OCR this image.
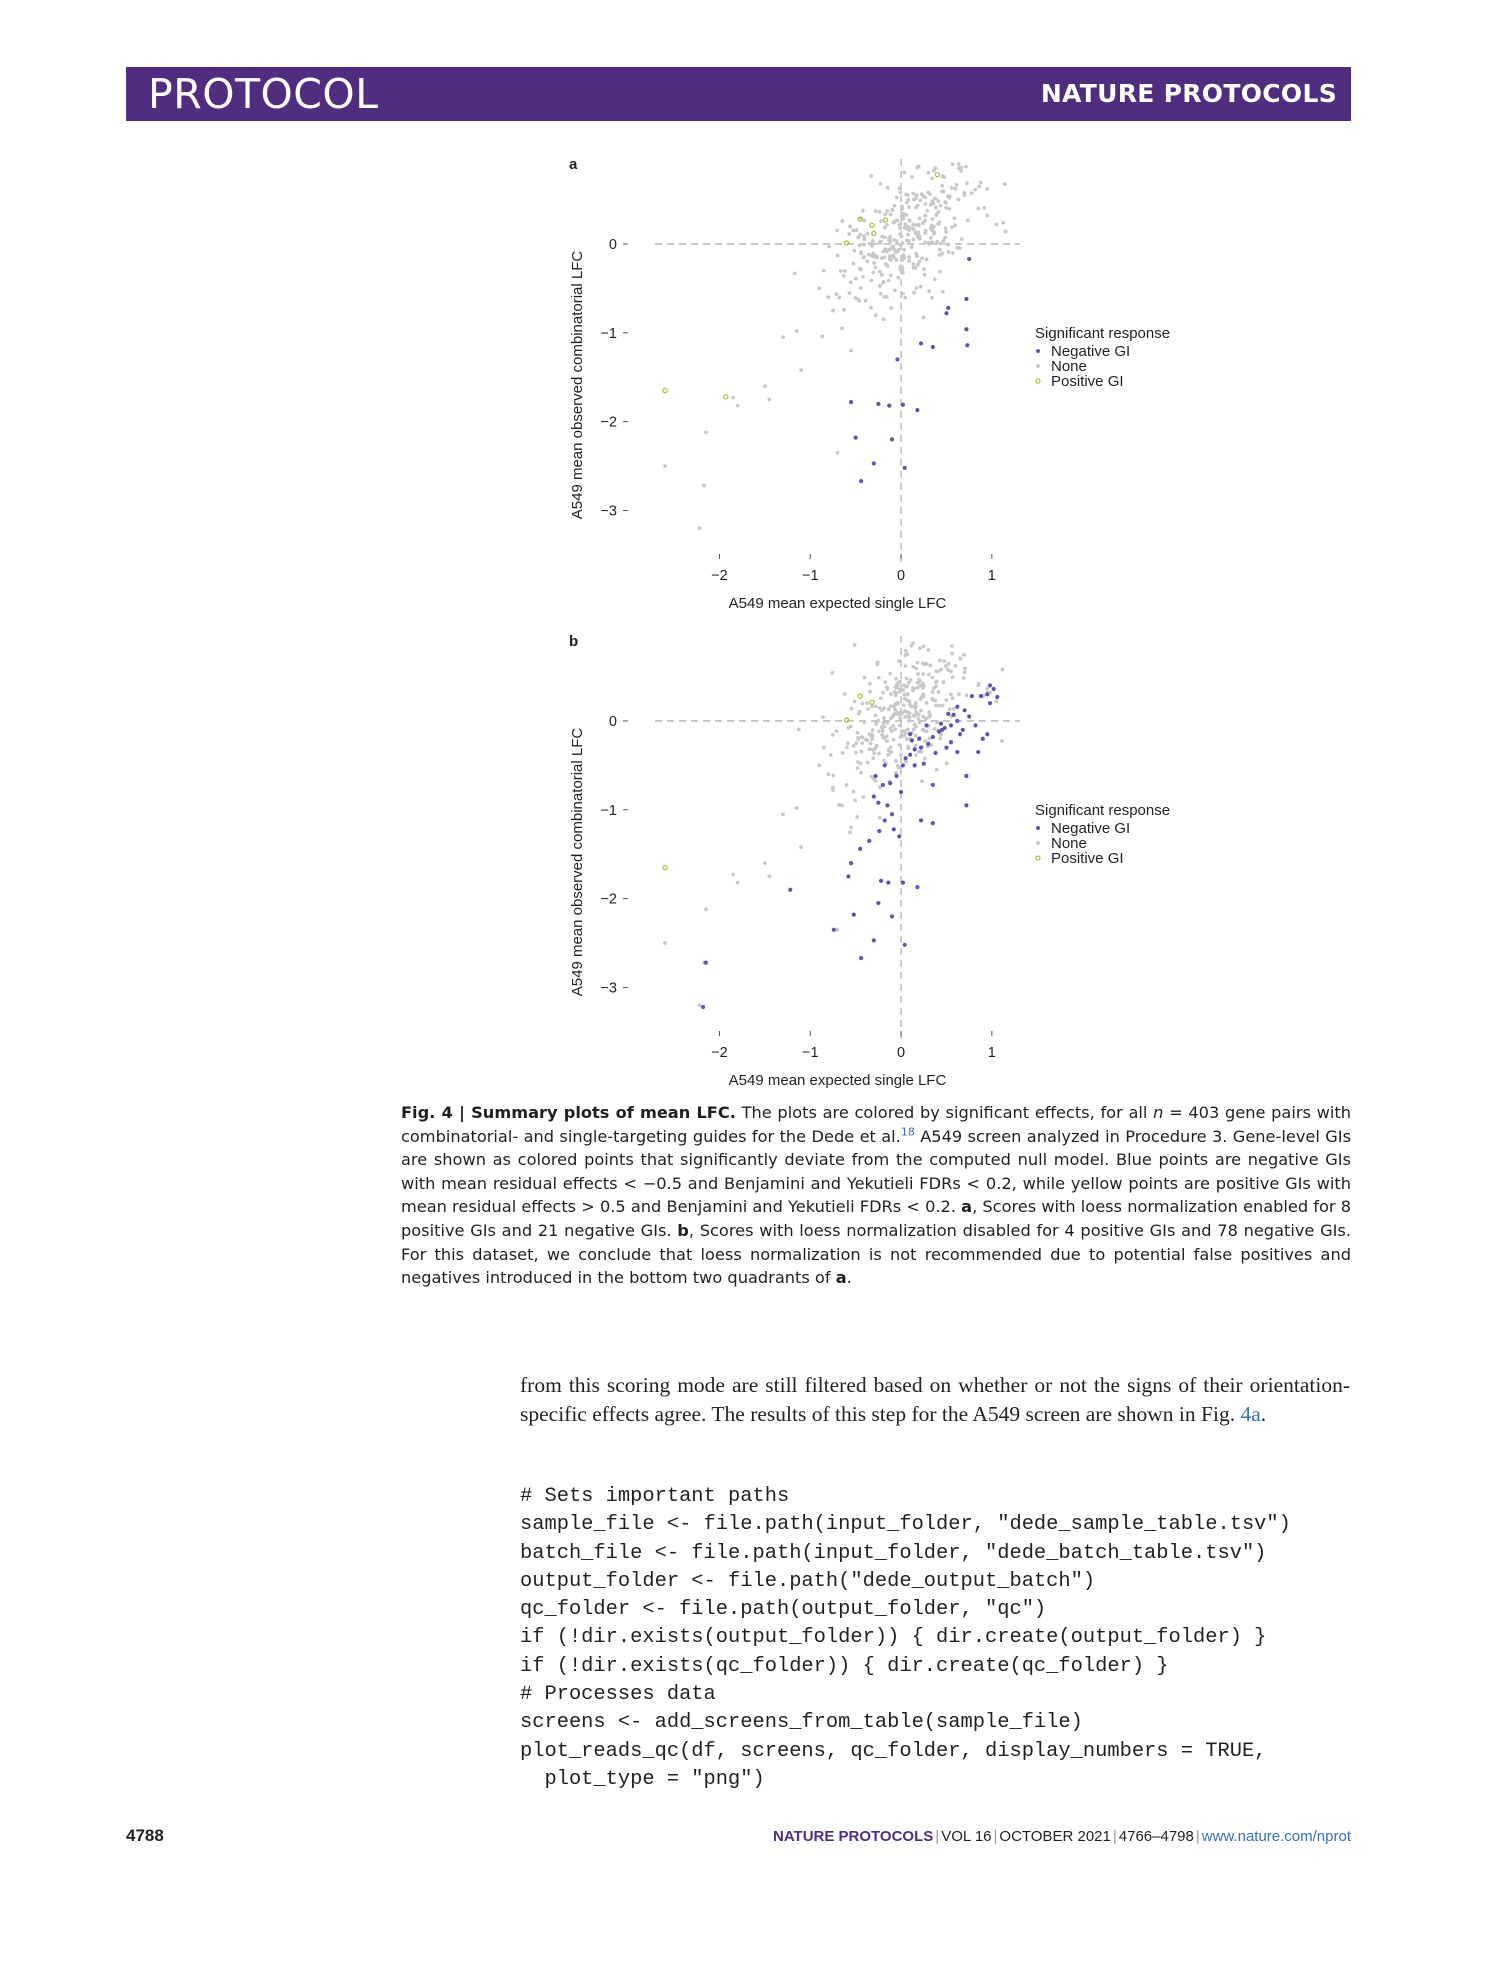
PROTOCOL	NATURE PROTOCOLS
a
−2	−1	0	1
0
−1
−2
−3
A549 mean expected single LFC
A549 mean observed combinatorial LFC	Significant response
Negative GI
None
Positive GI
b
−2	−1	0	1
0
−1
−2
−3
A549 mean expected single LFC
A549 mean observed combinatorial LFC	Significant response
Negative GI
None
Positive GI
Fig. 4 | Summary plots of mean LFC. The plots are colored by significant effects, for all n = 403 gene pairs with combinatorial- and single-targeting guides for the Dede et al.$^{18}$ A549 screen analyzed in Procedure 3. Gene-level GIs are shown as colored points that significantly deviate from the computed null model. Blue points are negative GIs with mean residual effects < −0.5 and Benjamini and Yekutieli FDRs < 0.2, while yellow points are positive GIs with mean residual effects > 0.5 and Benjamini and Yekutieli FDRs < 0.2. a, Scores with loess normalization enabled for 8 positive GIs and 21 negative GIs. b, Scores with loess normalization disabled for 4 positive GIs and 78 negative GIs. For this dataset, we conclude that loess normalization is not recommended due to potential false positives and negatives introduced in the bottom two quadrants of a.
from this scoring mode are still filtered based on whether or not the signs of their orientation-specific effects agree. The results of this step for the A549 screen are shown in Fig. 4a.
# Sets important paths
sample_file <- file.path(input_folder, "dede_sample_table.tsv")
batch_file <- file.path(input_folder, "dede_batch_table.tsv")
output_folder <- file.path("dede_output_batch")
qc_folder <- file.path(output_folder, "qc")
if (!dir.exists(output_folder)) { dir.create(output_folder) }
if (!dir.exists(qc_folder)) { dir.create(qc_folder) }
# Processes data
screens <- add_screens_from_table(sample_file)
plot_reads_qc(df, screens, qc_folder, display_numbers = TRUE,
plot_type = "png")
4788	NATURE PROTOCOLS | VOL 16 | OCTOBER 2021 | 4766–4798 | www.nature.com/nprot
